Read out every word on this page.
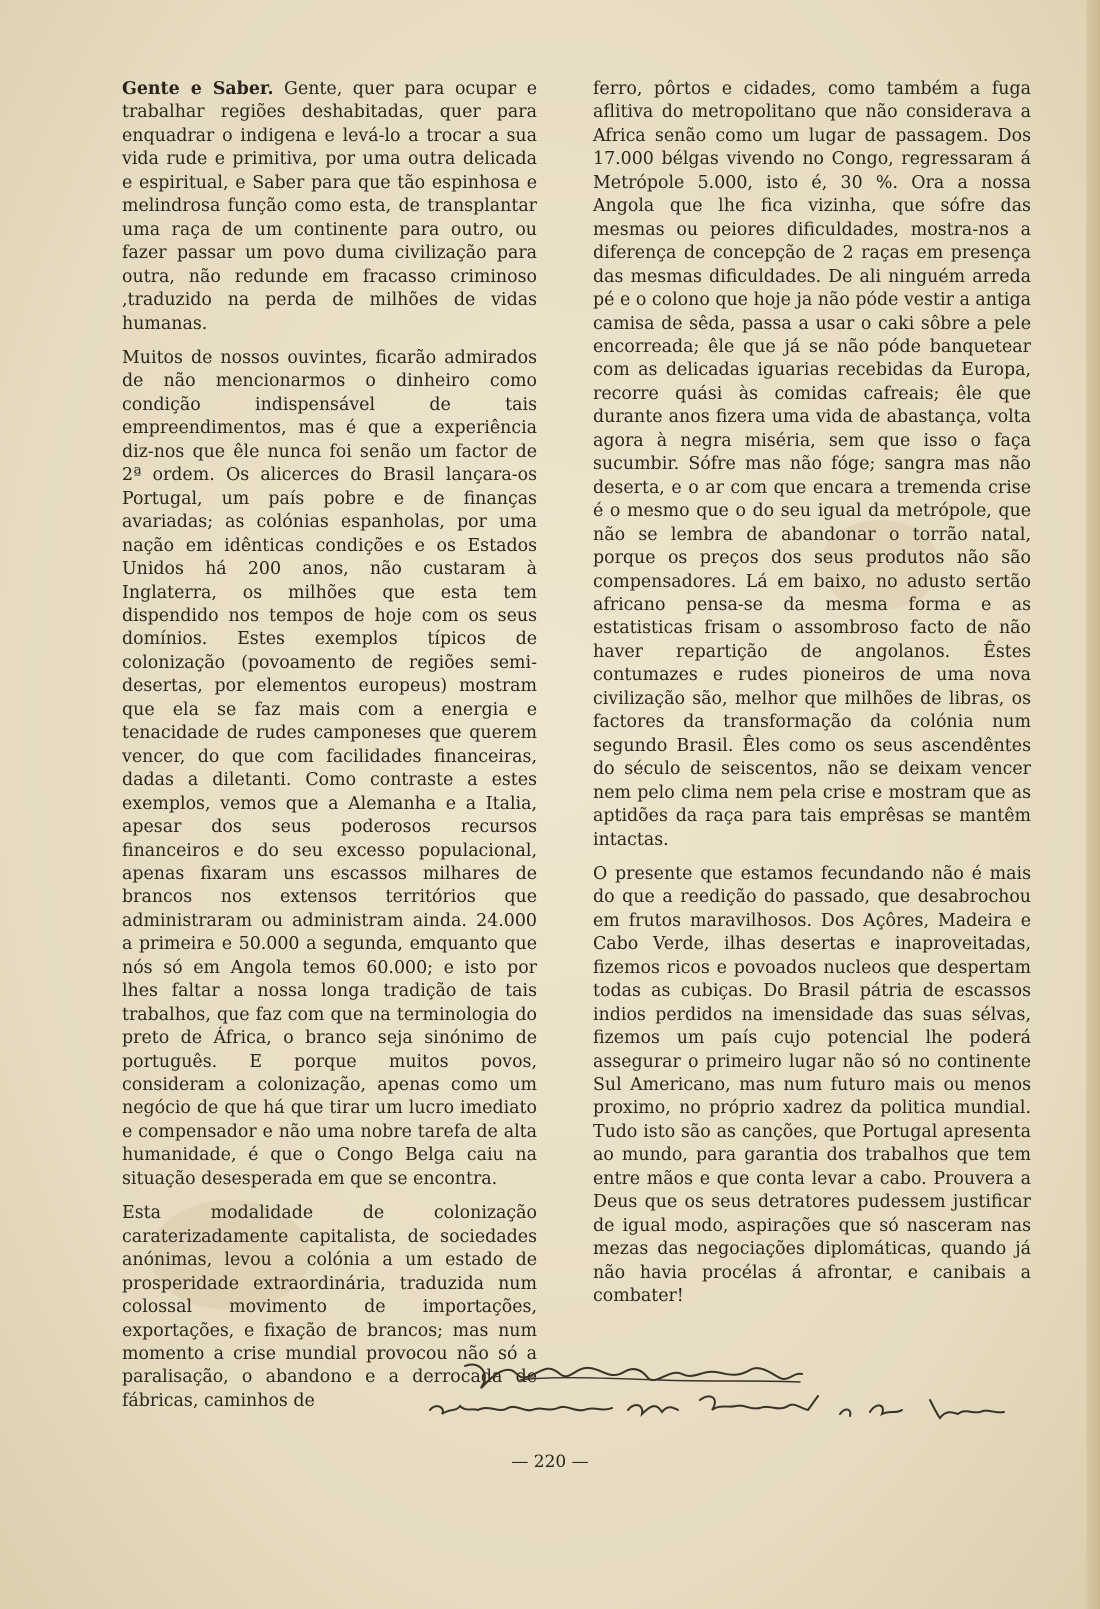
Gente e Saber. Gente, quer para ocupar e trabalhar regiões deshabitadas, quer para enquadrar o indigena e levá-lo a trocar a sua vida rude e primitiva, por uma outra delicada e espiritual, e Saber para que tão espinhosa e melindrosa função como esta, de transplantar uma raça de um continente para outro, ou fazer passar um povo duma civilização para outra, não redunde em fracasso criminoso ,traduzido na perda de milhões de vidas humanas.

Muitos de nossos ouvintes, ficarão admirados de não mencionarmos o dinheiro como condição indispensável de tais empreendimentos, mas é que a experiência diz-nos que êle nunca foi senão um factor de 2ª ordem. Os alicerces do Brasil lançara-os Portugal, um país pobre e de finanças avariadas; as colónias espanholas, por uma nação em idênticas condições e os Estados Unidos há 200 anos, não custaram à Inglaterra, os milhões que esta tem dispendido nos tempos de hoje com os seus domínios. Estes exemplos típicos de colonização (povoamento de regiões semi-desertas, por elementos europeus) mostram que ela se faz mais com a energia e tenacidade de rudes camponeses que querem vencer, do que com facilidades financeiras, dadas a diletanti. Como contraste a estes exemplos, vemos que a Alemanha e a Italia, apesar dos seus poderosos recursos financeiros e do seu excesso populacional, apenas fixaram uns escassos milhares de brancos nos extensos territórios que administraram ou administram ainda. 24.000 a primeira e 50.000 a segunda, emquanto que nós só em Angola temos 60.000; e isto por lhes faltar a nossa longa tradição de tais trabalhos, que faz com que na terminologia do preto de África, o branco seja sinónimo de português. E porque muitos povos, consideram a colonização, apenas como um negócio de que há que tirar um lucro imediato e compensador e não uma nobre tarefa de alta humanidade, é que o Congo Belga caiu na situação desesperada em que se encontra.

Esta modalidade de colonização caraterizadamente capitalista, de sociedades anónimas, levou a colónia a um estado de prosperidade extraordinária, traduzida num colossal movimento de importações, exportações, e fixação de brancos; mas num momento a crise mundial provocou não só a paralisação, o abandono e a derrocada de fábricas, caminhos de

ferro, pôrtos e cidades, como também a fuga aflitiva do metropolitano que não considerava a Africa senão como um lugar de passagem. Dos 17.000 bélgas vivendo no Congo, regressaram á Metrópole 5.000, isto é, 30 %. Ora a nossa Angola que lhe fica vizinha, que sófre das mesmas ou peiores dificuldades, mostra-nos a diferença de concepção de 2 raças em presença das mesmas dificuldades. De ali ninguém arreda pé e o colono que hoje ja não póde vestir a antiga camisa de sêda, passa a usar o caki sôbre a pele encorreada; êle que já se não póde banquetear com as delicadas iguarias recebidas da Europa, recorre quási às comidas cafreais; êle que durante anos fizera uma vida de abastança, volta agora à negra miséria, sem que isso o faça sucumbir. Sófre mas não fóge; sangra mas não deserta, e o ar com que encara a tremenda crise é o mesmo que o do seu igual da metrópole, que não se lembra de abandonar o torrão natal, porque os preços dos seus produtos não são compensadores. Lá em baixo, no adusto sertão africano pensa-se da mesma forma e as estatisticas frisam o assombroso facto de não haver repartição de angolanos. Êstes contumazes e rudes pioneiros de uma nova civilização são, melhor que milhões de libras, os factores da transformação da colónia num segundo Brasil. Êles como os seus ascendêntes do século de seiscentos, não se deixam vencer nem pelo clima nem pela crise e mostram que as aptidões da raça para tais emprêsas se mantêm intactas.

O presente que estamos fecundando não é mais do que a reedição do passado, que desabrochou em frutos maravilhosos. Dos Açôres, Madeira e Cabo Verde, ilhas desertas e inaproveitadas, fizemos ricos e povoados nucleos que despertam todas as cubiças. Do Brasil pátria de escassos indios perdidos na imensidade das suas sélvas, fizemos um país cujo potencial lhe poderá assegurar o primeiro lugar não só no continente Sul Americano, mas num futuro mais ou menos proximo, no próprio xadrez da politica mundial. Tudo isto são as canções, que Portugal apresenta ao mundo, para garantia dos trabalhos que tem entre mãos e que conta levar a cabo. Prouvera a Deus que os seus detratores pudessem justificar de igual modo, aspirações que só nasceram nas mezas das negociações diplomáticas, quando já não havia procélas á afrontar, e canibais a combater!

— 220 —
